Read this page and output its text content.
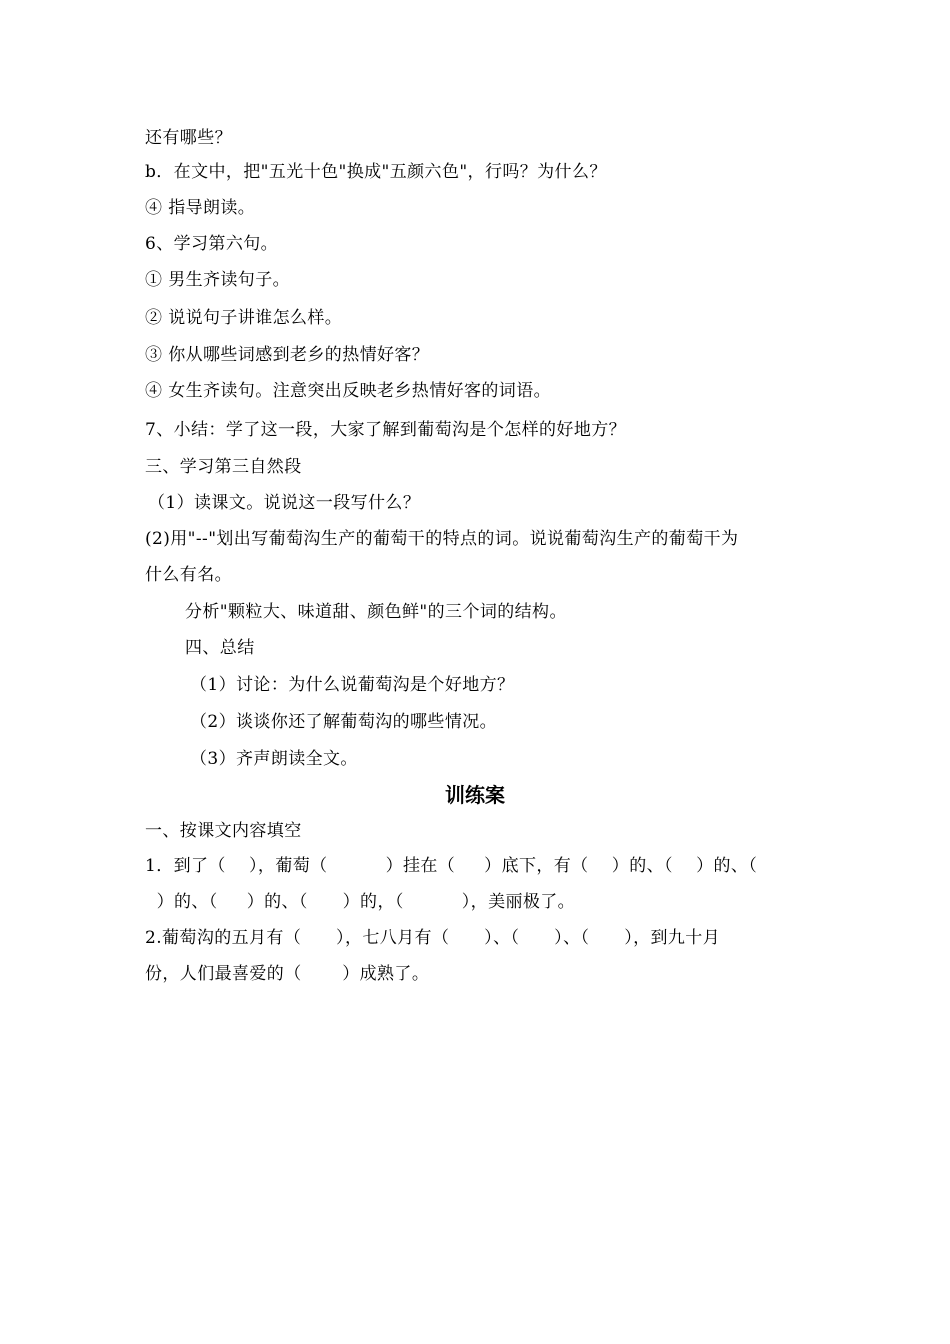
还有哪些？
b．在文中，把"五光十色"换成"五颜六色"，行吗？为什么？
④ 指导朗读。
6、学习第六句。
① 男生齐读句子。
② 说说句子讲谁怎么样。
③ 你从哪些词感到老乡的热情好客？
④ 女生齐读句。注意突出反映老乡热情好客的词语。
7、小结：学了这一段，大家了解到葡萄沟是个怎样的好地方？
三、学习第三自然段
（1）读课文。说说这一段写什么？
(2)用"--"划出写葡萄沟生产的葡萄干的特点的词。说说葡萄沟生产的葡萄干为
什么有名。
分析"颗粒大、味道甜、颜色鲜"的三个词的结构。
四、总结
（1）讨论：为什么说葡萄沟是个好地方？
（2）谈谈你还了解葡萄沟的哪些情况。
（3）齐声朗读全文。
训练案
一、按课文内容填空
1．到了（    ），葡萄（          ）挂在（     ）底下，有（    ）的、（    ）的、（
）的、（     ）的、（      ）的，（          ），美丽极了。
2.葡萄沟的五月有（      ），七八月有（      ）、（      ）、（      ），到九十月
份，人们最喜爱的（       ）成熟了。
